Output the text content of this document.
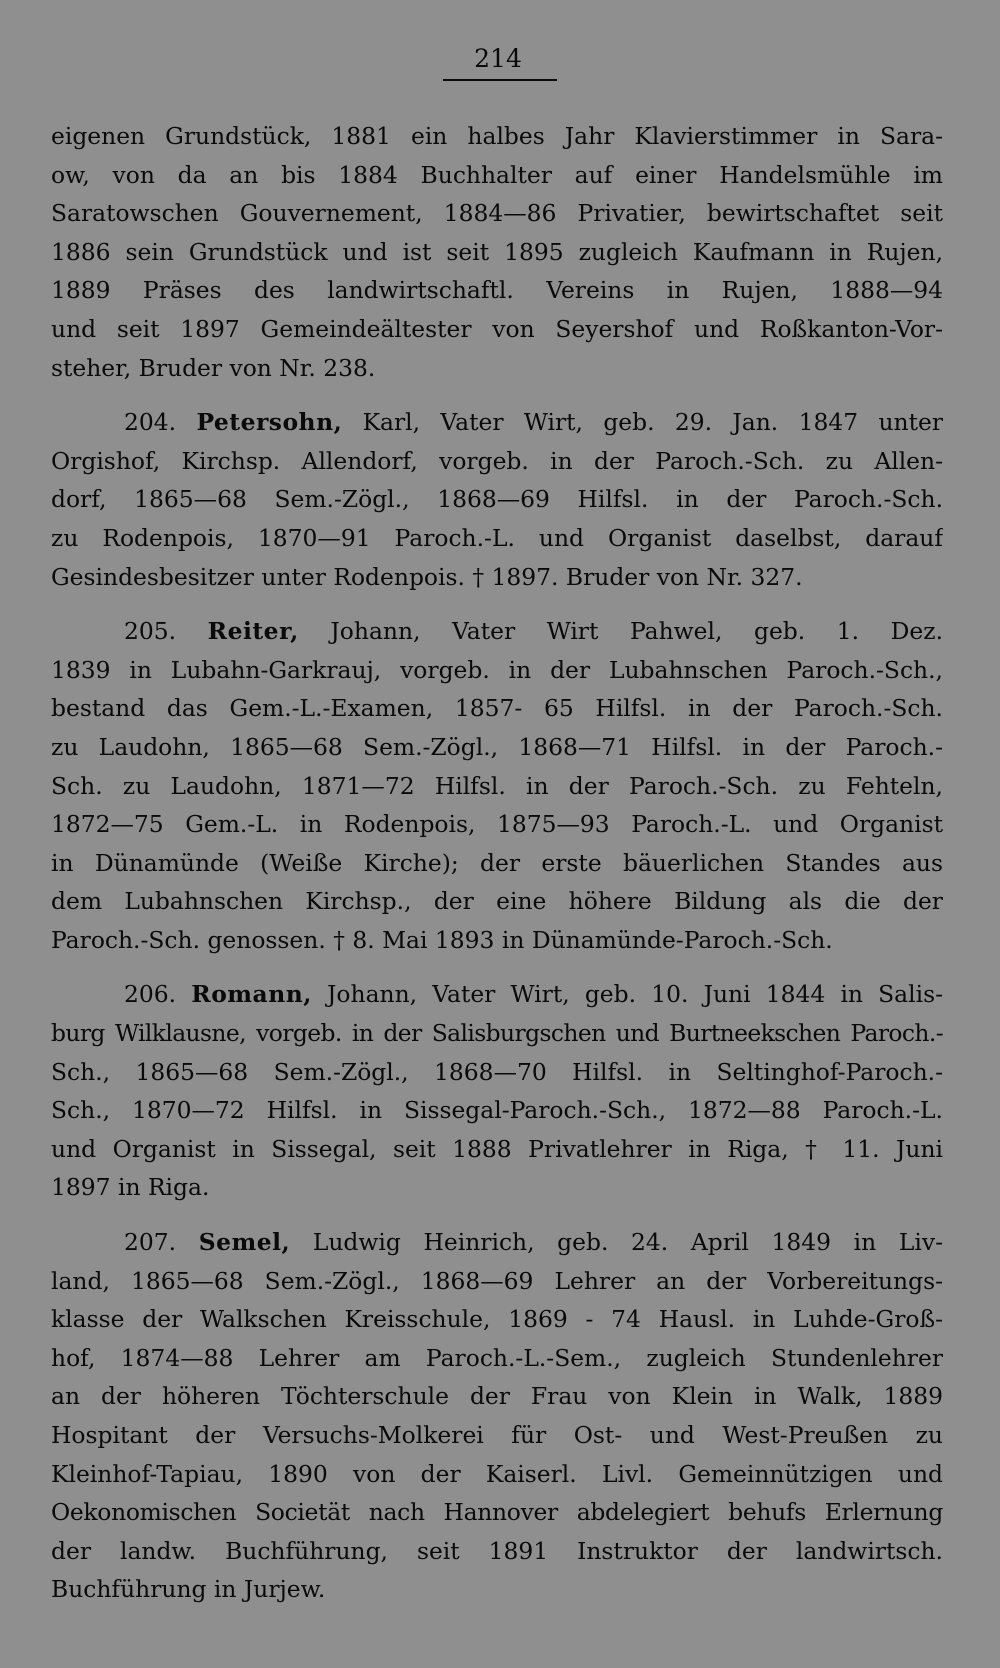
214
eigenen Grundstück, 1881 ein halbes Jahr Klavierstimmer in Sara-
ow, von da an bis 1884 Buchhalter auf einer Handelsmühle im
Saratowschen Gouvernement, 1884—86 Privatier, bewirtschaftet seit
1886 sein Grundstück und ist seit 1895 zugleich Kaufmann in Rujen,
1889 Präses des landwirtschaftl. Vereins in Rujen, 1888—94
und seit 1897 Gemeindeältester von Seyershof und Roßkanton-Vor-
steher, Bruder von Nr. 238.
204. Petersohn, Karl, Vater Wirt, geb. 29. Jan. 1847 unter
Orgishof, Kirchsp. Allendorf, vorgeb. in der Paroch.-Sch. zu Allen-
dorf, 1865—68 Sem.-Zögl., 1868—69 Hilfsl. in der Paroch.-Sch.
zu Rodenpois, 1870—91 Paroch.-L. und Organist daselbst, darauf
Gesindesbesitzer unter Rodenpois. † 1897. Bruder von Nr. 327.
205. Reiter, Johann, Vater Wirt Pahwel, geb. 1. Dez.
1839 in Lubahn-Garkrauj, vorgeb. in der Lubahnschen Paroch.-Sch.,
bestand das Gem.-L.-Examen, 1857- 65 Hilfsl. in der Paroch.-Sch.
zu Laudohn, 1865—68 Sem.-Zögl., 1868—71 Hilfsl. in der Paroch.-
Sch. zu Laudohn, 1871—72 Hilfsl. in der Paroch.-Sch. zu Fehteln,
1872—75 Gem.-L. in Rodenpois, 1875—93 Paroch.-L. und Organist
in Dünamünde (Weiße Kirche); der erste bäuerlichen Standes aus
dem Lubahnschen Kirchsp., der eine höhere Bildung als die der
Paroch.-Sch. genossen. † 8. Mai 1893 in Dünamünde-Paroch.-Sch.
206. Romann, Johann, Vater Wirt, geb. 10. Juni 1844 in Salis-
burg Wilklausne, vorgeb. in der Salisburgschen und Burtneekschen Paroch.-
Sch., 1865—68 Sem.-Zögl., 1868—70 Hilfsl. in Seltinghof-Paroch.-
Sch., 1870—72 Hilfsl. in Sissegal-Paroch.-Sch., 1872—88 Paroch.-L.
und Organist in Sissegal, seit 1888 Privatlehrer in Riga, † 11. Juni
1897 in Riga.
207. Semel, Ludwig Heinrich, geb. 24. April 1849 in Liv-
land, 1865—68 Sem.-Zögl., 1868—69 Lehrer an der Vorbereitungs-
klasse der Walkschen Kreisschule, 1869 - 74 Hausl. in Luhde-Groß-
hof, 1874—88 Lehrer am Paroch.-L.-Sem., zugleich Stundenlehrer
an der höheren Töchterschule der Frau von Klein in Walk, 1889
Hospitant der Versuchs-Molkerei für Ost- und West-Preußen zu
Kleinhof-Tapiau, 1890 von der Kaiserl. Livl. Gemeinnützigen und
Oekonomischen Societät nach Hannover abdelegiert behufs Erlernung
der landw. Buchführung, seit 1891 Instruktor der landwirtsch.
Buchführung in Jurjew.
